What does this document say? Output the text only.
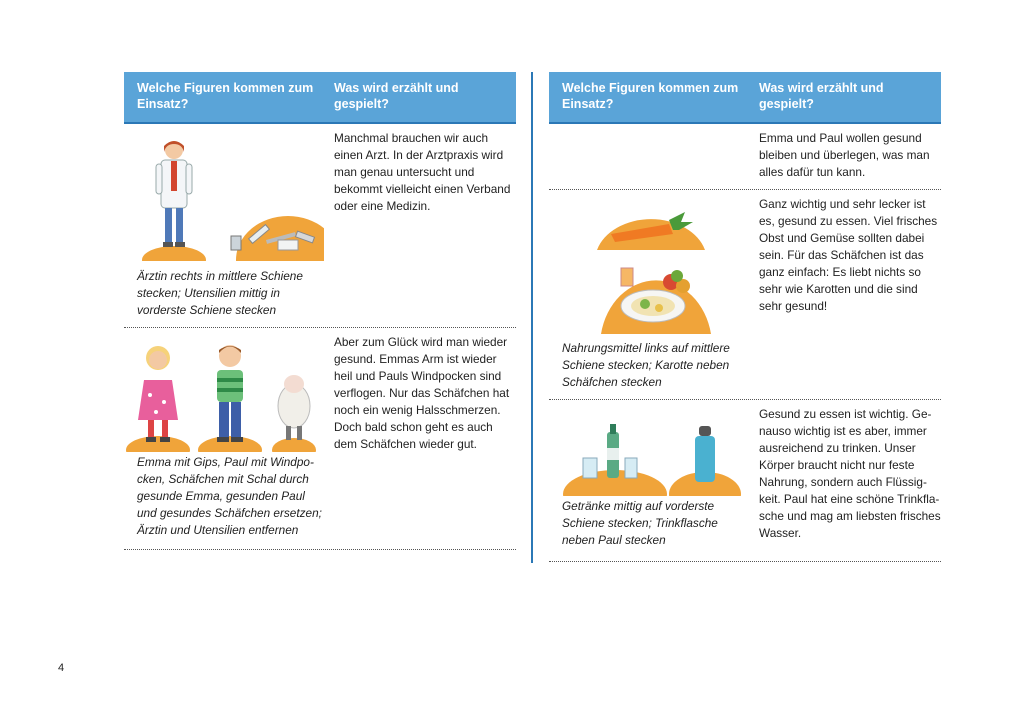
Welche Figuren kommen zum Einsatz?
Was wird erzählt und gespielt?
Manchmal brauchen wir auch einen Arzt. In der Arztpraxis wird man genau untersucht und bekommt vielleicht einen Verband oder eine Medizin.
Ärztin rechts in mittlere Schiene stecken; Utensilien mittig in vorderste Schiene stecken
Aber zum Glück wird man wieder gesund. Emmas Arm ist wieder heil und Pauls Windpocken sind verflogen. Nur das Schäfchen hat noch ein wenig Halsschmerzen. Doch bald schon geht es auch dem Schäfchen wieder gut.
Emma mit Gips, Paul mit Windpo-cken, Schäfchen mit Schal durch gesunde Emma, gesunden Paul und gesundes Schäfchen ersetzen; Ärztin und Utensilien entfernen
Welche Figuren kommen zum Einsatz?
Was wird erzählt und gespielt?
Emma und Paul wollen gesund bleiben und überlegen, was man alles dafür tun kann.
Ganz wichtig und sehr lecker ist es, gesund zu essen. Viel frisches Obst und Gemüse sollten dabei sein. Für das Schäfchen ist das ganz einfach: Es liebt nichts so sehr wie Karotten und die sind sehr gesund!
Nahrungsmittel links auf mittlere Schiene stecken; Karotte neben Schäfchen stecken
Gesund zu essen ist wichtig. Ge-nauso wichtig ist es aber, immer ausreichend zu trinken. Unser Körper braucht nicht nur feste Nahrung, sondern auch Flüssig-keit. Paul hat eine schöne Trinkfla-sche und mag am liebsten frisches Wasser.
Getränke mittig auf vorderste Schiene stecken; Trinkflasche neben Paul stecken
4
